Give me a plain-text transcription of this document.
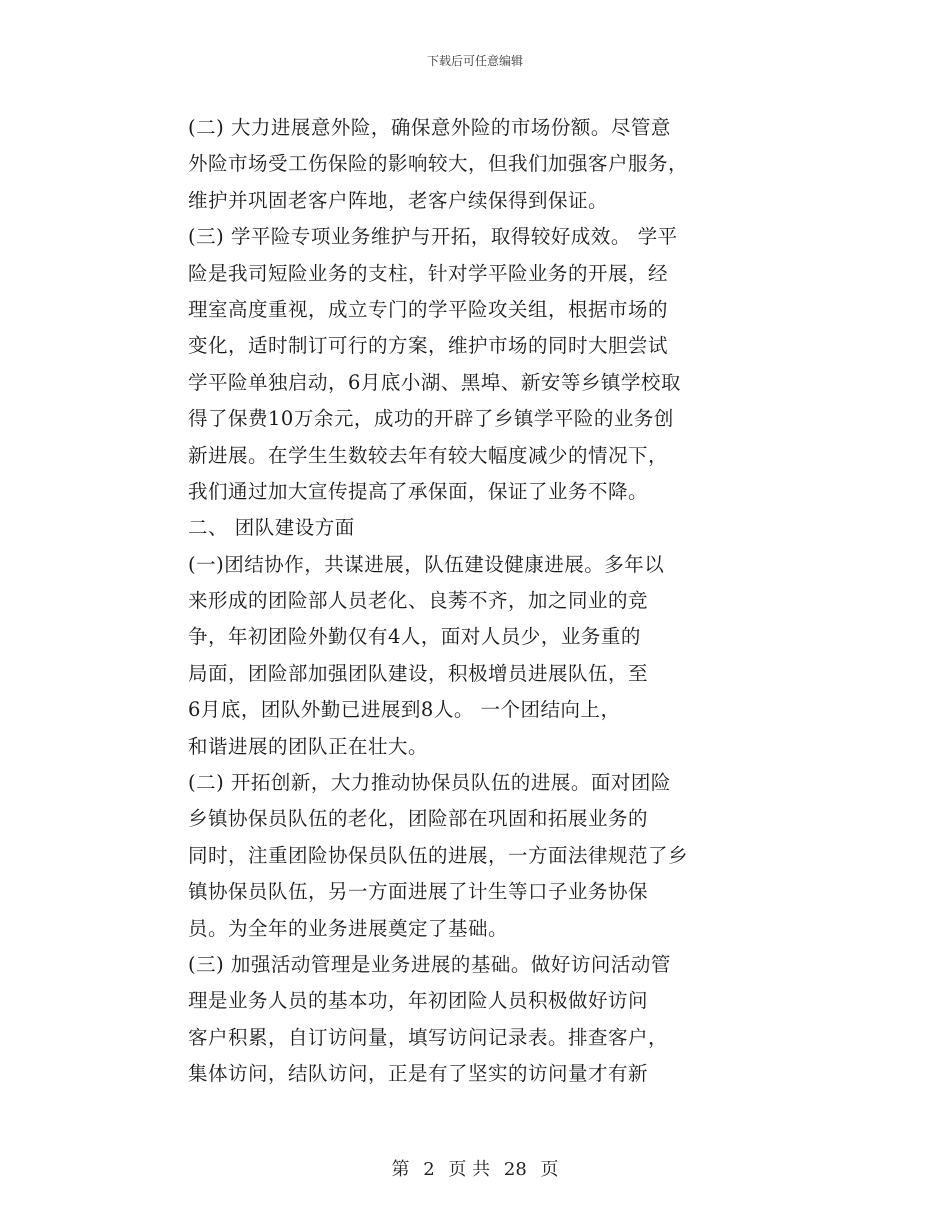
下载后可任意编辑
(二) 大力进展意外险，确保意外险的市场份额。尽管意
外险市场受工伤保险的影响较大，但我们加强客户服务，
维护并巩固老客户阵地，老客户续保得到保证。
(三) 学平险专项业务维护与开拓，取得较好成效。 学平
险是我司短险业务的支柱，针对学平险业务的开展，经
理室高度重视，成立专门的学平险攻关组，根据市场的
变化，适时制订可行的方案，维护市场的同时大胆尝试
学平险单独启动，6月底小湖、黑埠、新安等乡镇学校取
得了保费10万余元，成功的开辟了乡镇学平险的业务创
新进展。在学生生数较去年有较大幅度减少的情况下，
我们通过加大宣传提高了承保面，保证了业务不降。
二、 团队建设方面
(一)团结协作，共谋进展，队伍建设健康进展。多年以
来形成的团险部人员老化、良莠不齐，加之同业的竞
争，年初团险外勤仅有4人，面对人员少，业务重的
局面，团险部加强团队建设，积极增员进展队伍，至
6月底，团队外勤已进展到8人。 一个团结向上，
和谐进展的团队正在壮大。
(二) 开拓创新，大力推动协保员队伍的进展。面对团险
乡镇协保员队伍的老化，团险部在巩固和拓展业务的
同时，注重团险协保员队伍的进展，一方面法律规范了乡
镇协保员队伍，另一方面进展了计生等口子业务协保
员。为全年的业务进展奠定了基础。
(三) 加强活动管理是业务进展的基础。做好访问活动管
理是业务人员的基本功，年初团险人员积极做好访问
客户积累，自订访问量，填写访问记录表。排查客户，
集体访问，结队访问，正是有了坚实的访问量才有新
第 2 页 共 28 页
